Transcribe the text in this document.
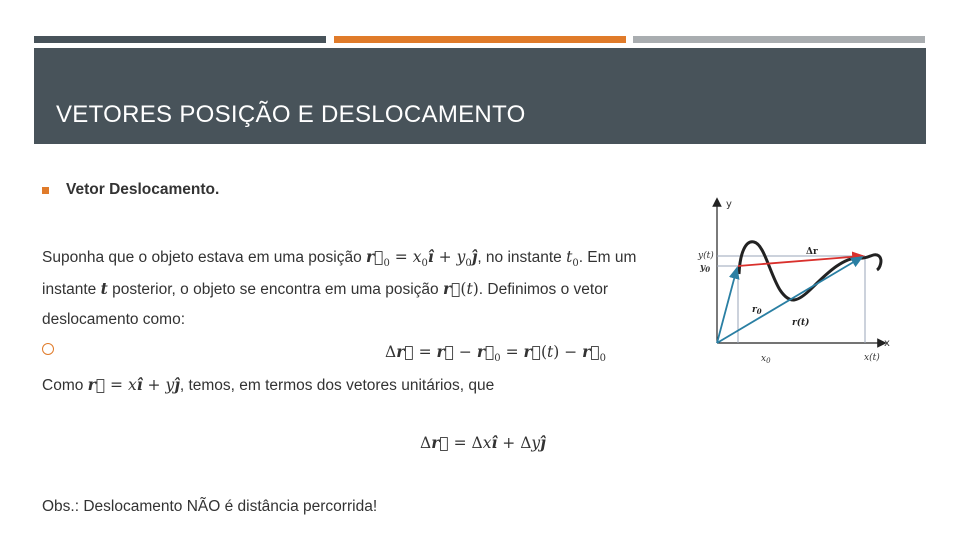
VETORES POSIÇÃO E DESLOCAMENTO
Vetor Deslocamento.
Suponha que o objeto estava em uma posição $r⃗_0$ = $x_0î$ + $y_0ĵ$, no instante $t_0$. Em um
instante t posterior, o objeto se encontra em uma posição r⃗(t). Definimos o vetor
deslocamento como:
Δr⃗ = r⃗ − $r⃗_0$ = r⃗(t) − $r⃗_0$
Como r⃗ = xî + yĵ, temos, em termos dos vetores unitários, que
Δr⃗ = Δxî + Δyĵ
Obs.: Deslocamento NÃO é distância percorrida!
y
x
y(t)
$y_0$
$x_0$	x(t)
Δr
$r_0$
r(t)
